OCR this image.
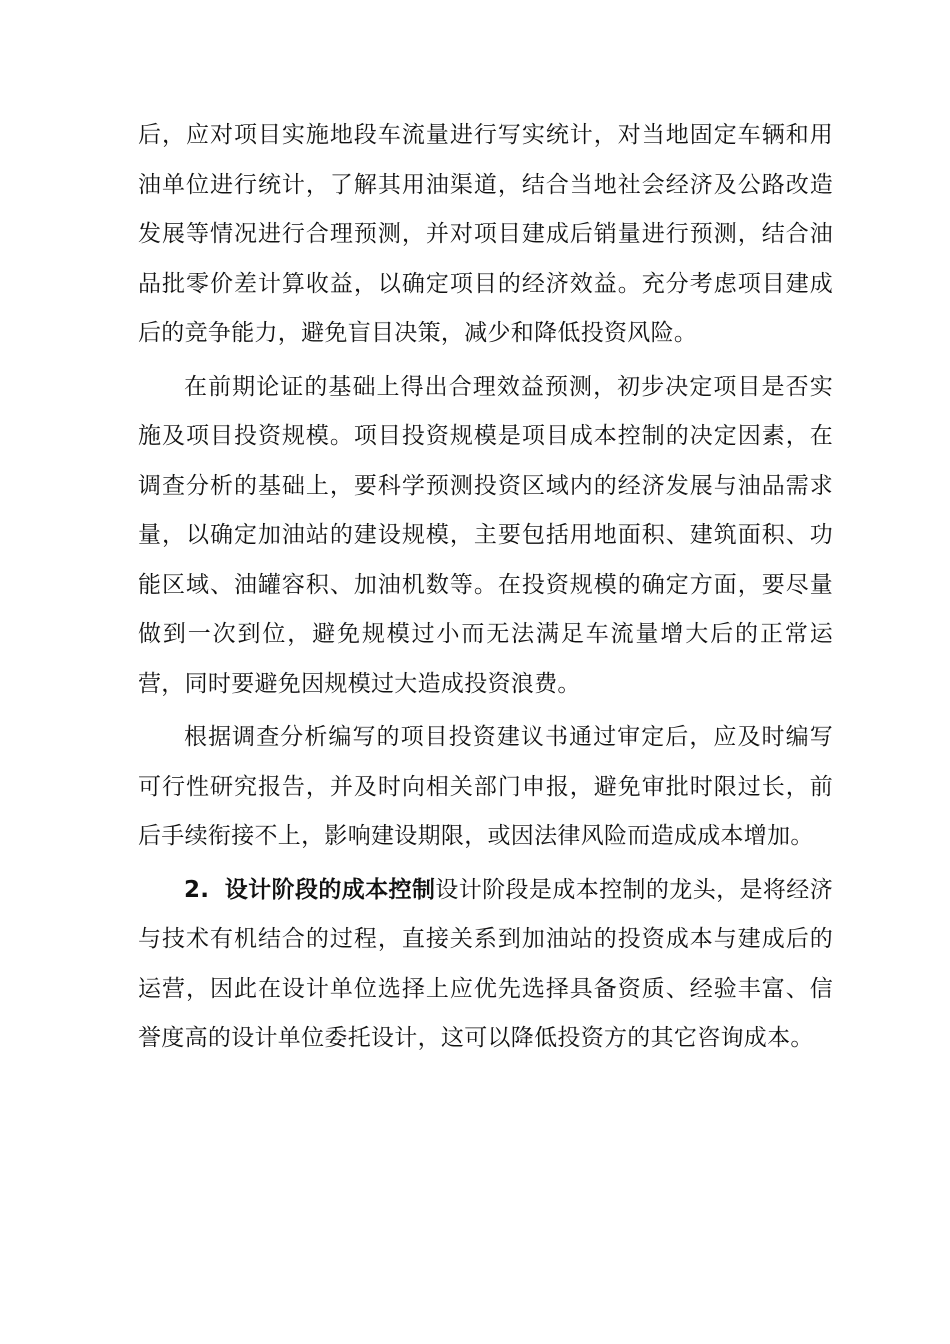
后，应对项目实施地段车流量进行写实统计，对当地固定车辆和用油单位进行统计，了解其用油渠道，结合当地社会经济及公路改造发展等情况进行合理预测，并对项目建成后销量进行预测，结合油品批零价差计算收益，以确定项目的经济效益。充分考虑项目建成后的竞争能力，避免盲目决策，减少和降低投资风险。

在前期论证的基础上得出合理效益预测，初步决定项目是否实施及项目投资规模。项目投资规模是项目成本控制的决定因素，在调查分析的基础上，要科学预测投资区域内的经济发展与油品需求量，以确定加油站的建设规模，主要包括用地面积、建筑面积、功能区域、油罐容积、加油机数等。在投资规模的确定方面，要尽量做到一次到位，避免规模过小而无法满足车流量增大后的正常运营，同时要避免因规模过大造成投资浪费。

根据调查分析编写的项目投资建议书通过审定后，应及时编写可行性研究报告，并及时向相关部门申报，避免审批时限过长，前后手续衔接不上，影响建设期限，或因法律风险而造成成本增加。

2. 设计阶段的成本控制设计阶段是成本控制的龙头，是将经济与技术有机结合的过程，直接关系到加油站的投资成本与建成后的运营，因此在设计单位选择上应优先选择具备资质、经验丰富、信誉度高的设计单位委托设计，这可以降低投资方的其它咨询成本。
